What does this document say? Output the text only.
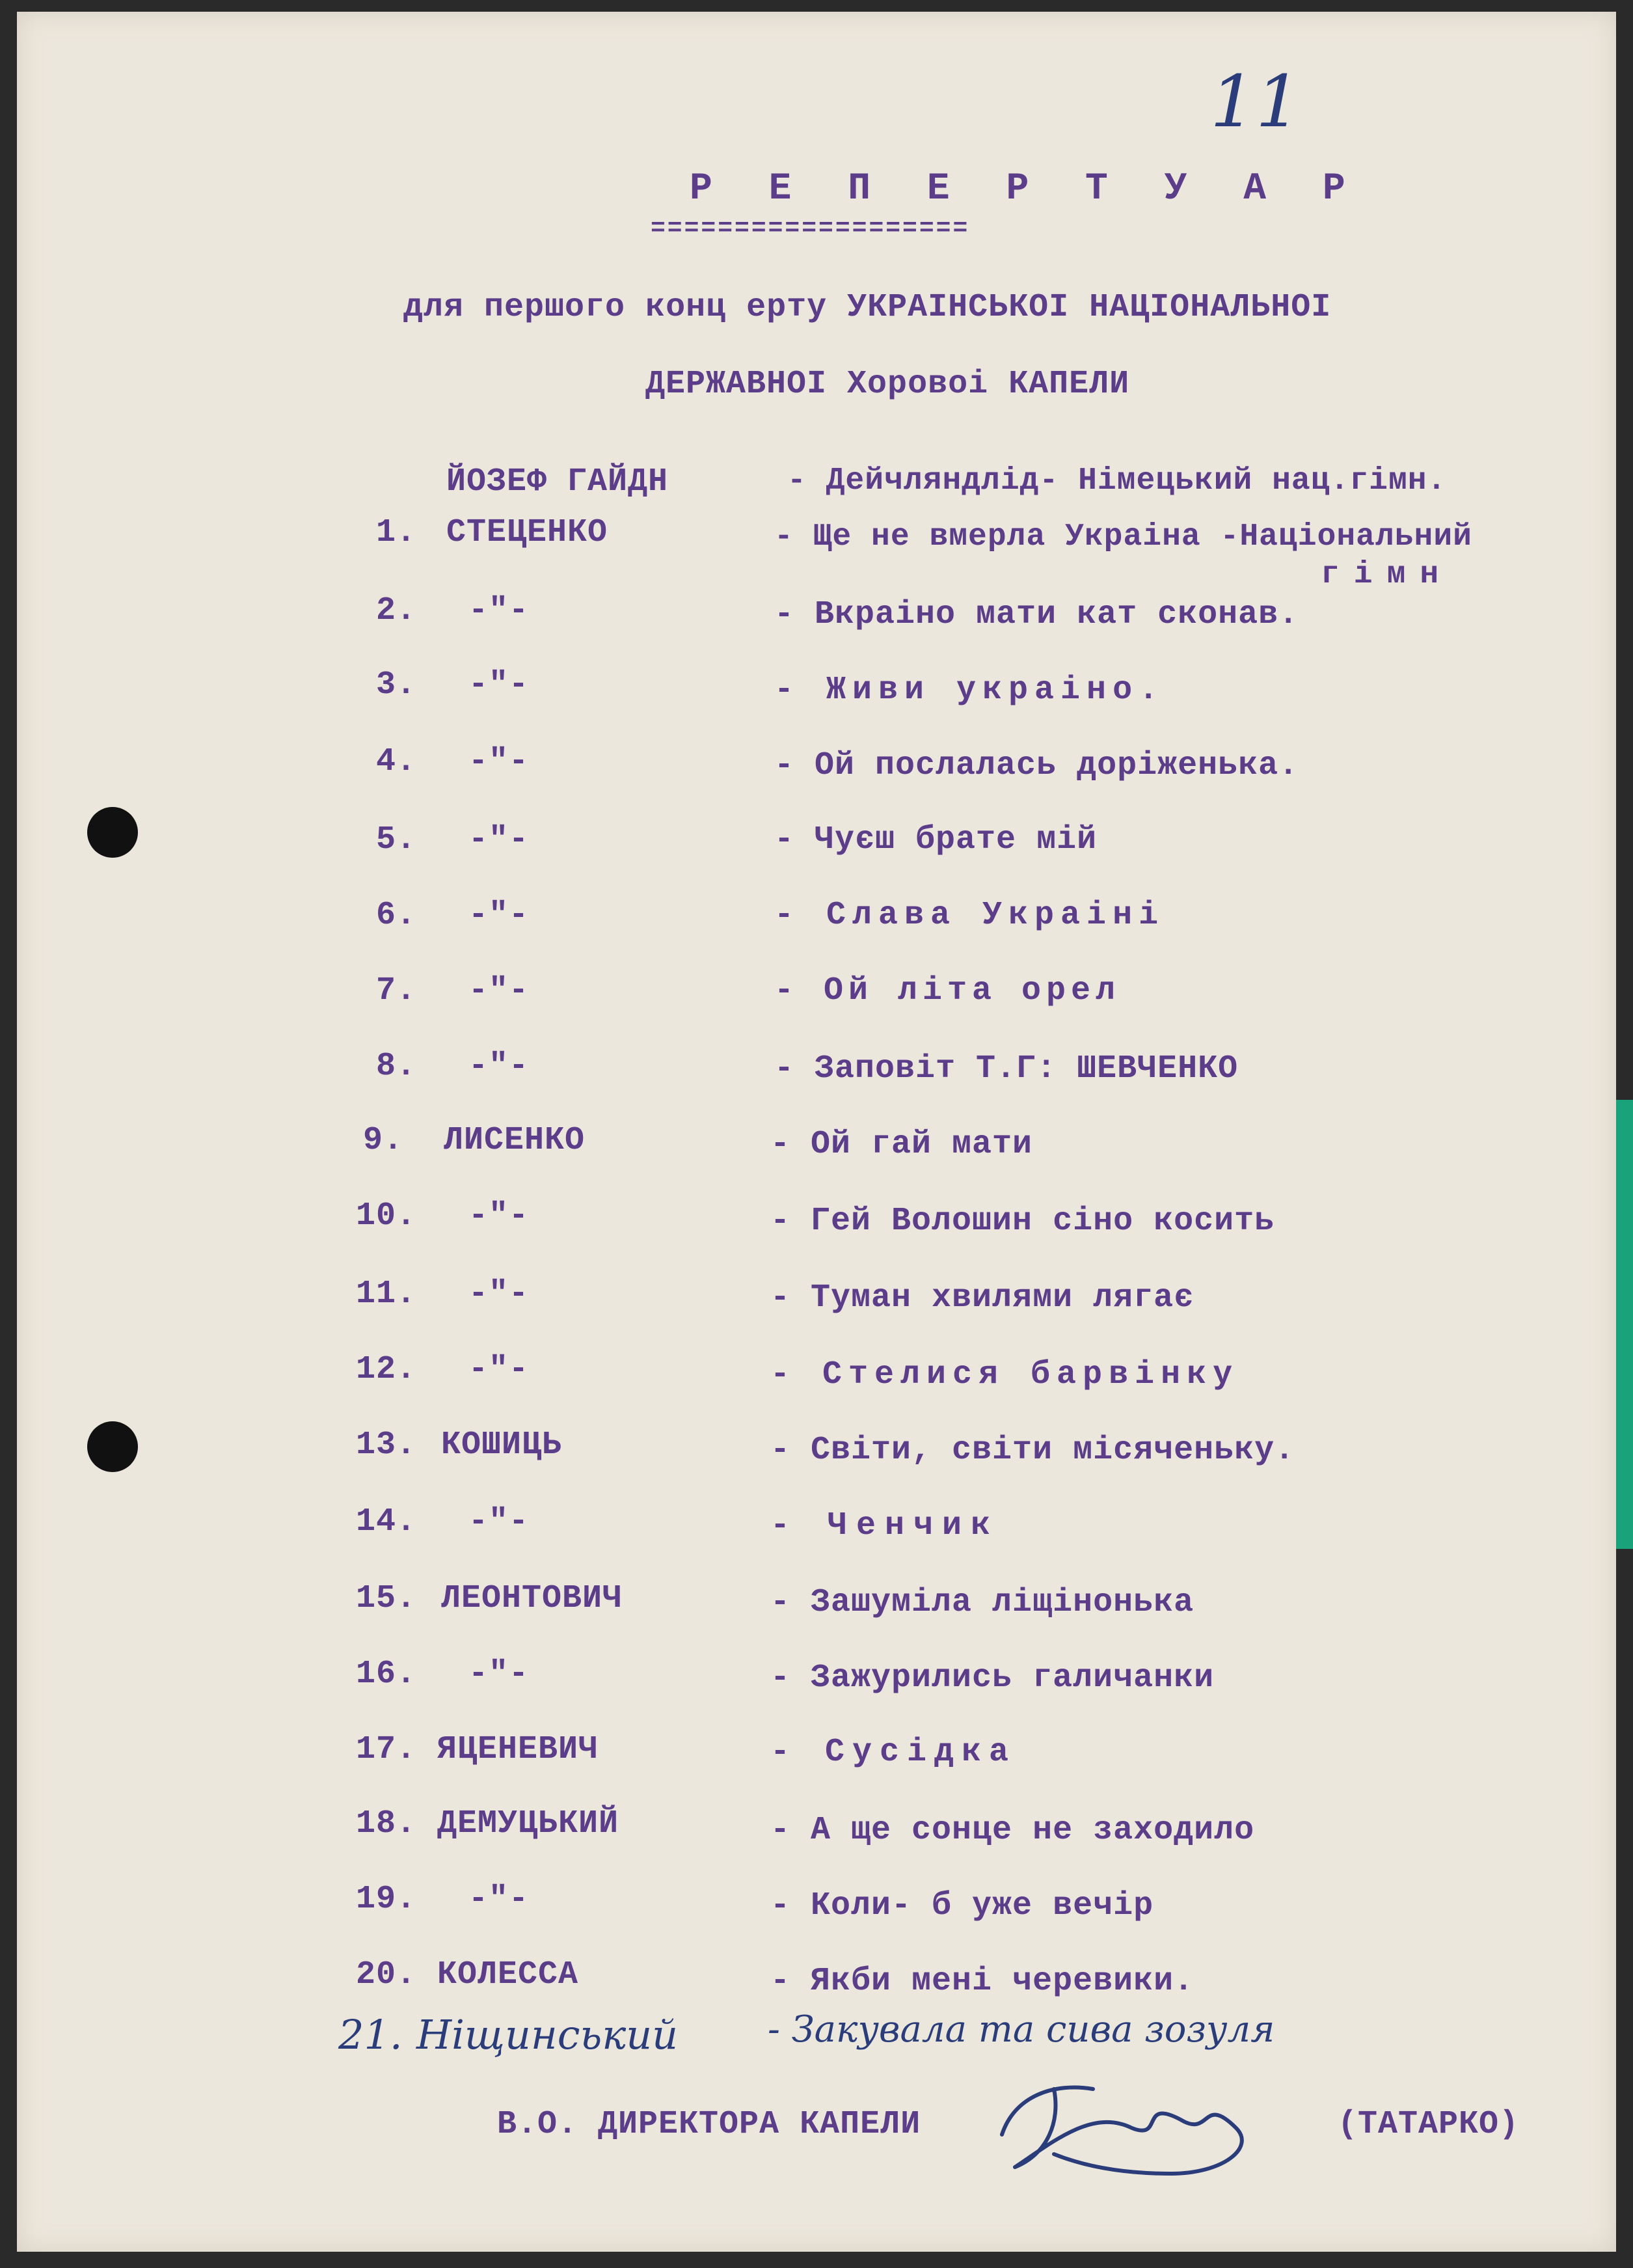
11
Р Е П Е Р Т У А Р
===================
для першого конц ерту УКРАІНСЬКОІ НАЦІОНАЛЬНОІ
ДЕРЖАВНОІ Хоровоі КАПЕЛИ
ЙОЗЕФ ГАЙДН	- Дейчляндлід- Німецький нац.гімн.
1. СТЕЦЕНКО	- Ще не вмерла Украіна -Національний
гімн
2. -"-	- Вкраіно мати кат сконав.
3. -"-	- Живи украіно.
4. -"-	- Ой послалась доріженька.
5. -"-	- Чуєш брате мій
6. -"-	- Слава Украіні
7. -"-	- Ой літа орел
8. -"-	- Заповіт Т.Г: ШЕВЧЕНКО
9. ЛИСЕНКО	- Ой гай мати
10. -"-	- Гей Волошин сіно косить
11. -"-	- Туман хвилями лягає
12. -"-	- Стелися барвінку
13. КОШИЦЬ	- Світи, світи місяченьку.
14. -"-	- Ченчик
15. ЛЕОНТОВИЧ	- Зашуміла ліщінонька
16. -"-	- Зажурились галичанки
17. ЯЦЕНЕВИЧ	- Сусідка
18. ДЕМУЦЬКИЙ	- А ще сонце не заходило
19. -"-	- Коли- б уже вечір
20. КОЛЕССА	- Якби мені черевики.
21. Ніщинський - Закувала та сива зозуля
В.О. ДИРЕКТОРА КАПЕЛИ	(ТАТАРКО)
